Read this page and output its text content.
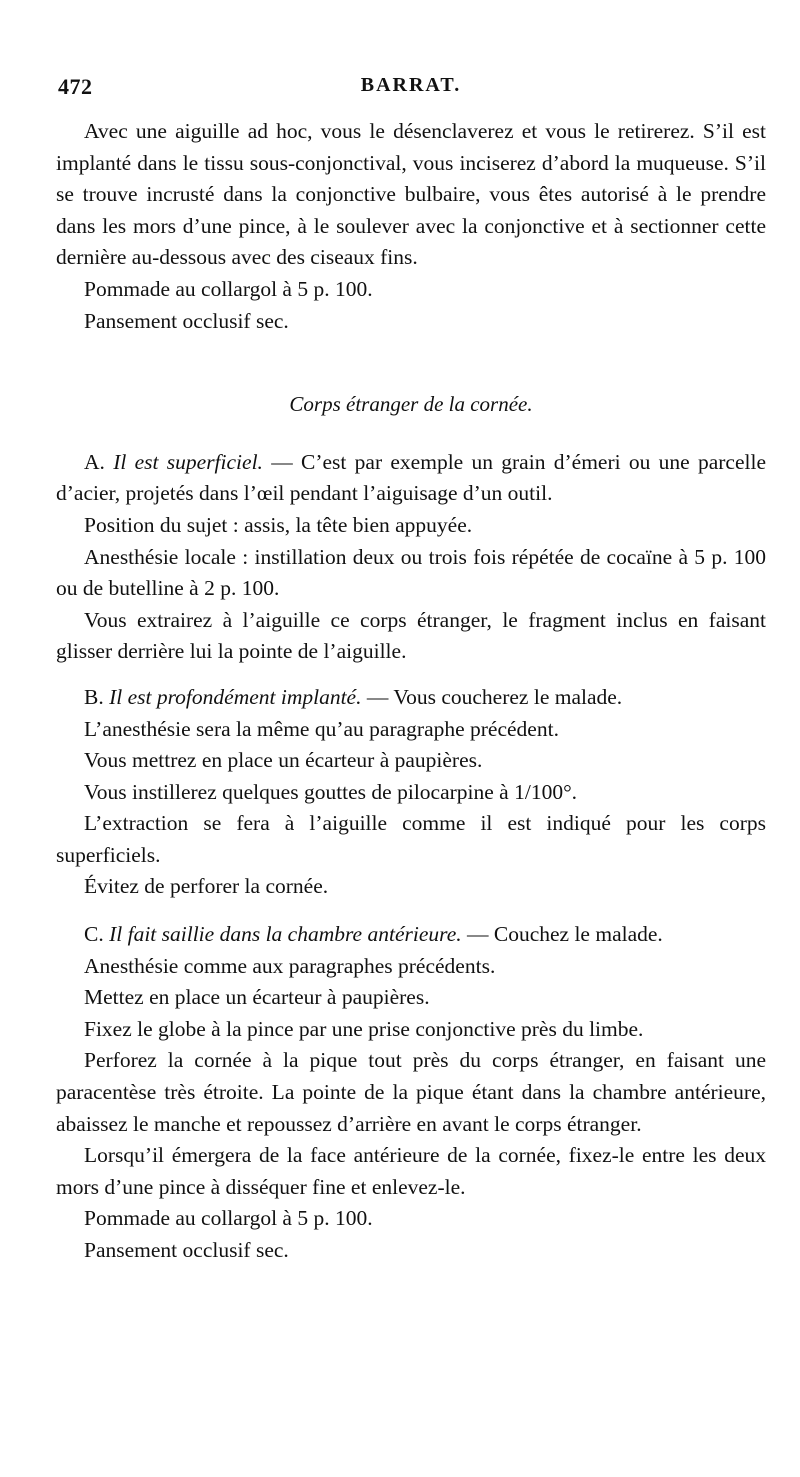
472	BARRAT.

Avec une aiguille ad hoc, vous le désenclaverez et vous le retirerez. S’il est implanté dans le tissu sous-conjonctival, vous inciserez d’abord la muqueuse. S’il se trouve incrusté dans la conjonctive bulbaire, vous êtes autorisé à le prendre dans les mors d’une pince, à le soulever avec la conjonctive et à sectionner cette dernière au-dessous avec des ciseaux fins.

Pommade au collargol à 5 p. 100.

Pansement occlusif sec.

Corps étranger de la cornée.

A. Il est superficiel. — C’est par exemple un grain d’émeri ou une parcelle d’acier, projetés dans l’œil pendant l’aiguisage d’un outil.

Position du sujet : assis, la tête bien appuyée.

Anesthésie locale : instillation deux ou trois fois répétée de cocaïne à 5 p. 100 ou de butelline à 2 p. 100.

Vous extrairez à l’aiguille ce corps étranger, le fragment inclus en faisant glisser derrière lui la pointe de l’aiguille.

B. Il est profondément implanté. — Vous coucherez le malade.

L’anesthésie sera la même qu’au paragraphe précédent.

Vous mettrez en place un écarteur à paupières.

Vous instillerez quelques gouttes de pilocarpine à 1/100°.

L’extraction se fera à l’aiguille comme il est indiqué pour les corps superficiels.

Évitez de perforer la cornée.

C. Il fait saillie dans la chambre antérieure. — Couchez le malade.

Anesthésie comme aux paragraphes précédents.

Mettez en place un écarteur à paupières.

Fixez le globe à la pince par une prise conjonctive près du limbe.

Perforez la cornée à la pique tout près du corps étranger, en faisant une paracentèse très étroite. La pointe de la pique étant dans la chambre antérieure, abaissez le manche et repoussez d’arrière en avant le corps étranger.

Lorsqu’il émergera de la face antérieure de la cornée, fixez-le entre les deux mors d’une pince à disséquer fine et enlevez-le.

Pommade au collargol à 5 p. 100.

Pansement occlusif sec.
